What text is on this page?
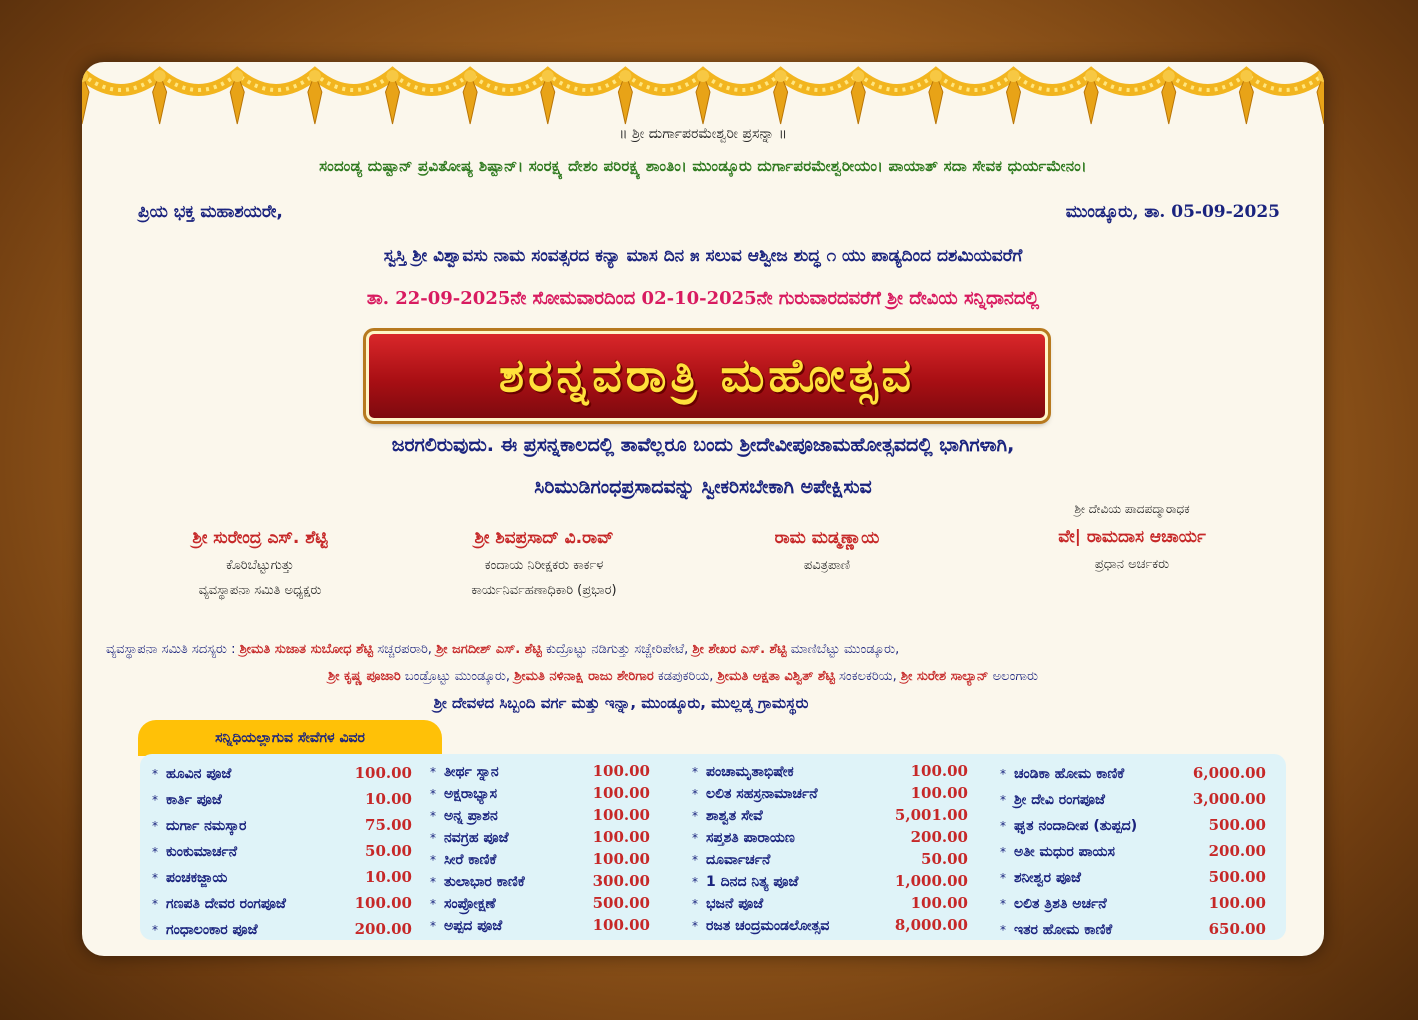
॥ ಶ್ರೀ ದುರ್ಗಾಪರಮೇಶ್ವರೀ ಪ್ರಸನ್ನಾ ॥
ಸಂದಂಡ್ಯ ದುಷ್ಟಾನ್ ಪ್ರವಿತೋಷ್ಯ ಶಿಷ್ಟಾನ್। ಸಂರಕ್ಷ್ಯ ದೇಶಂ ಪರಿರಕ್ಷ್ಯ ಶಾಂತಿಂ। ಮುಂಡ್ಕೂರು ದುರ್ಗಾಪರಮೇಶ್ವರೀಯಂ। ಪಾಯಾತ್ ಸದಾ ಸೇವಕ ಧುರ್ಯಮೇನಂ।
ಪ್ರಿಯ ಭಕ್ತ ಮಹಾಶಯರೇ,	ಮುಂಡ್ಕೂರು, ತಾ. 05-09-2025
ಸ್ವಸ್ತಿ ಶ್ರೀ ವಿಶ್ವಾವಸು ನಾಮ ಸಂವತ್ಸರದ ಕನ್ಯಾ ಮಾಸ ದಿನ ೫ ಸಲುವ ಆಶ್ವೀಜ ಶುದ್ಧ ೧ ಯು ಪಾಡ್ಯದಿಂದ ದಶಮಿಯವರೆಗೆ
ತಾ. 22-09-2025ನೇ ಸೋಮವಾರದಿಂದ 02-10-2025ನೇ ಗುರುವಾರದವರೆಗೆ ಶ್ರೀ ದೇವಿಯ ಸನ್ನಿಧಾನದಲ್ಲಿ
ಶರನ್ನವರಾತ್ರಿ ಮಹೋತ್ಸವ
ಜರಗಲಿರುವುದು. ಈ ಪ್ರಸನ್ನಕಾಲದಲ್ಲಿ ತಾವೆಲ್ಲರೂ ಬಂದು ಶ್ರೀದೇವೀಪೂಜಾಮಹೋತ್ಸವದಲ್ಲಿ ಭಾಗಿಗಳಾಗಿ,
ಸಿರಿಮುಡಿಗಂಧಪ್ರಸಾದವನ್ನು ಸ್ವೀಕರಿಸಬೇಕಾಗಿ ಅಪೇಕ್ಷಿಸುವ
ಶ್ರೀ ಸುರೇಂದ್ರ ಎಸ್. ಶೆಟ್ಟಿ
ಕೊರಿಬೆಟ್ಟುಗುತ್ತು
ವ್ಯವಸ್ಥಾಪನಾ ಸಮಿತಿ ಅಧ್ಯಕ್ಷರು
ಶ್ರೀ ಶಿವಪ್ರಸಾದ್ ವಿ.ರಾವ್
ಕಂದಾಯ ನಿರೀಕ್ಷಕರು ಕಾರ್ಕಳ
ಕಾರ್ಯನಿರ್ವಹಣಾಧಿಕಾರಿ (ಪ್ರಭಾರ)
ರಾಮ ಮಡ್ಮಣ್ಣಾಯ
ಪವಿತ್ರಪಾಣಿ
ಶ್ರೀ ದೇವಿಯ ಪಾದಪದ್ಮಾರಾಧಕ
ವೇ| ರಾಮದಾಸ ಆಚಾರ್ಯ
ಪ್ರಧಾನ ಅರ್ಚಕರು
ವ್ಯವಸ್ಥಾಪನಾ ಸಮಿತಿ ಸದಸ್ಯರು : ಶ್ರೀಮತಿ ಸುಜಾತ ಸುಬೋಧ ಶೆಟ್ಟಿ ಸಚ್ಚರಪರಾರಿ, ಶ್ರೀ ಜಗದೀಶ್ ಎಸ್. ಶೆಟ್ಟಿ ಕುದ್ರೊಟ್ಟು ನಡಿಗುತ್ತು ಸಚ್ಚೇರಿಪೇಟೆ, ಶ್ರೀ ಶೇಖರ ಎಸ್. ಶೆಟ್ಟಿ ಮಾಣಿಬೆಟ್ಟು ಮುಂಡ್ಕೂರು,
ಶ್ರೀ ಕೃಷ್ಣ ಪೂಜಾರಿ ಬಂಡ್ರೊಟ್ಟು ಮುಂಡ್ಕೂರು, ಶ್ರೀಮತಿ ನಳಿನಾಕ್ಷಿ ರಾಜು ಶೇರಿಗಾರ ಕಡಪುಕರಿಯ, ಶ್ರೀಮತಿ ಅಕ್ಷತಾ ವಿಶ್ವಿತ್ ಶೆಟ್ಟಿ ಸಂಕಲಕರಿಯ, ಶ್ರೀ ಸುರೇಶ ಸಾಲ್ಯಾನ್ ಅಲಂಗಾರು
ಶ್ರೀ ದೇವಳದ ಸಿಬ್ಬಂದಿ ವರ್ಗ ಮತ್ತು ಇನ್ನಾ, ಮುಂಡ್ಕೂರು, ಮುಲ್ಲಡ್ಕ ಗ್ರಾಮಸ್ಥರು
ಸನ್ನಿಧಿಯಲ್ಲಾಗುವ ಸೇವೆಗಳ ವಿವರ
* ಹೂವಿನ ಪೂಜೆ	100.00
* ಕಾರ್ತಿ ಪೂಜೆ	10.00
* ದುರ್ಗಾ ನಮಸ್ಕಾರ	75.00
* ಕುಂಕುಮಾರ್ಚನೆ	50.00
* ಪಂಚಕಜ್ಜಾಯ	10.00
* ಗಣಪತಿ ದೇವರ ರಂಗಪೂಜೆ	100.00
* ಗಂಧಾಲಂಕಾರ ಪೂಜೆ	200.00
* ತೀರ್ಥ ಸ್ನಾನ	100.00
* ಅಕ್ಷರಾಭ್ಯಾಸ	100.00
* ಅನ್ನ ಪ್ರಾಶನ	100.00
* ನವಗ್ರಹ ಪೂಜೆ	100.00
* ಸೀರೆ ಕಾಣಿಕೆ	100.00
* ತುಲಾಭಾರ ಕಾಣಿಕೆ	300.00
* ಸಂಪ್ರೋಕ್ಷಣೆ	500.00
* ಅಪ್ಪದ ಪೂಜೆ	100.00
* ಪಂಚಾಮೃತಾಭಿಷೇಕ	100.00
* ಲಲಿತ ಸಹಸ್ರನಾಮಾರ್ಚನೆ	100.00
* ಶಾಶ್ವತ ಸೇವೆ	5,001.00
* ಸಪ್ತಶತಿ ಪಾರಾಯಣ	200.00
* ದೂರ್ವಾರ್ಚನೆ	50.00
* 1 ದಿನದ ನಿತ್ಯ ಪೂಜೆ	1,000.00
* ಭಜನೆ ಪೂಜೆ	100.00
* ರಜತ ಚಂದ್ರಮಂಡಲೋತ್ಸವ	8,000.00
* ಚಂಡಿಕಾ ಹೋಮ ಕಾಣಿಕೆ	6,000.00
* ಶ್ರೀ ದೇವಿ ರಂಗಪೂಜೆ	3,000.00
* ಘೃತ ನಂದಾದೀಪ (ತುಪ್ಪದ)	500.00
* ಅತೀ ಮಧುರ ಪಾಯಸ	200.00
* ಶನೀಶ್ವರ ಪೂಜೆ	500.00
* ಲಲಿತ ತ್ರಿಶತಿ ಅರ್ಚನೆ	100.00
* ಇತರ ಹೋಮ ಕಾಣಿಕೆ	650.00
